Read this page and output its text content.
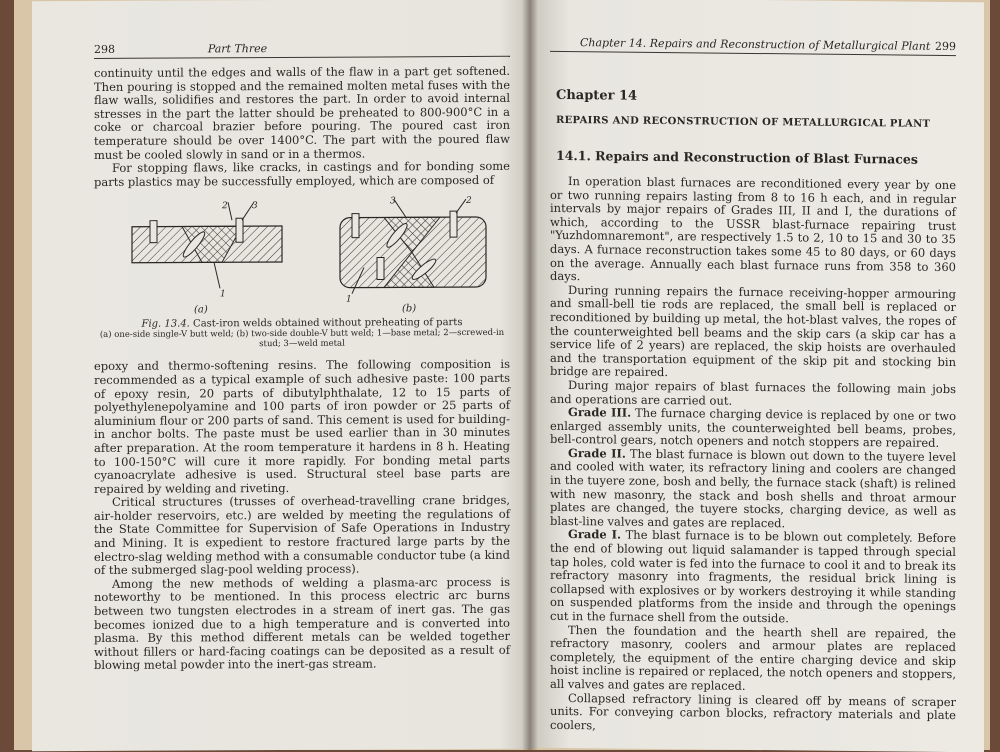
298	Part Three

continuity until the edges and walls of the flaw in a part get softened. Then pouring is stopped and the remained molten metal fuses with the flaw walls, solidifies and restores the part. In order to avoid internal stresses in the part the latter should be preheated to 800-900°C in a coke or charcoal brazier before pouring. The poured cast iron temperature should be over 1400°C. The part with the poured flaw must be cooled slowly in sand or in a thermos.

For stopping flaws, like cracks, in castings and for bonding some parts plastics may be successfully employed, which are composed of

2	3
1
3	2
1
(a)	(b)
Fig. 13.4. Cast-iron welds obtained without preheating of parts
(a) one-side single-V butt weld; (b) two-side double-V butt weld; 1—base metal; 2—screwed-in stud; 3—weld metal

epoxy and thermo-softening resins. The following composition is recommended as a typical example of such adhesive paste: 100 parts of epoxy resin, 20 parts of dibutylphthalate, 12 to 15 parts of polyethylenepolyamine and 100 parts of iron powder or 25 parts of aluminium flour or 200 parts of sand. This cement is used for building-in anchor bolts. The paste must be used earlier than in 30 minutes after preparation. At the room temperature it hardens in 8 h. Heating to 100-150°C will cure it more rapidly. For bonding metal parts cyanoacrylate adhesive is used. Structural steel base parts are repaired by welding and riveting.

Critical structures (trusses of overhead-travelling crane bridges, air-holder reservoirs, etc.) are welded by meeting the regulations of the State Committee for Supervision of Safe Operations in Industry and Mining. It is expedient to restore fractured large parts by the electro-slag welding method with a consumable conductor tube (a kind of the submerged slag-pool welding process).

Among the new methods of welding a plasma-arc process is noteworthy to be mentioned. In this process electric arc burns between two tungsten electrodes in a stream of inert gas. The gas becomes ionized due to a high temperature and is converted into plasma. By this method different metals can be welded together without fillers or hard-facing coatings can be deposited as a result of blowing metal powder into the inert-gas stream.

Chapter 14. Repairs and Reconstruction of Metallurgical Plant 299
Chapter 14
REPAIRS AND RECONSTRUCTION OF METALLURGICAL PLANT
14.1. Repairs and Reconstruction of Blast Furnaces

In operation blast furnaces are reconditioned every year by one or two running repairs lasting from 8 to 16 h each, and in regular intervals by major repairs of Grades III, II and I, the durations of which, according to the USSR blast-furnace repairing trust "Yuzhdomnaremont", are respectively 1.5 to 2, 10 to 15 and 30 to 35 days. A furnace reconstruction takes some 45 to 80 days, or 60 days on the average. Annually each blast furnace runs from 358 to 360 days.

During running repairs the furnace receiving-hopper armouring and small-bell tie rods are replaced, the small bell is replaced or reconditioned by building up metal, the hot-blast valves, the ropes of the counterweighted bell beams and the skip cars (a skip car has a service life of 2 years) are replaced, the skip hoists are overhauled and the transportation equipment of the skip pit and stocking bin bridge are repaired.

During major repairs of blast furnaces the following main jobs and operations are carried out.

Grade III. The furnace charging device is replaced by one or two enlarged assembly units, the counterweighted bell beams, probes, bell-control gears, notch openers and notch stoppers are repaired.

Grade II. The blast furnace is blown out down to the tuyere level and cooled with water, its refractory lining and coolers are changed in the tuyere zone, bosh and belly, the furnace stack (shaft) is relined with new masonry, the stack and bosh shells and throat armour plates are changed, the tuyere stocks, charging device, as well as blast-line valves and gates are replaced.

Grade I. The blast furnace is to be blown out completely. Before the end of blowing out liquid salamander is tapped through special tap holes, cold water is fed into the furnace to cool it and to break its refractory masonry into fragments, the residual brick lining is collapsed with explosives or by workers destroying it while standing on suspended platforms from the inside and through the openings cut in the furnace shell from the outside.

Then the foundation and the hearth shell are repaired, the refractory masonry, coolers and armour plates are replaced completely, the equipment of the entire charging device and skip hoist incline is repaired or replaced, the notch openers and stoppers, all valves and gates are replaced.

Collapsed refractory lining is cleared off by means of scraper units. For conveying carbon blocks, refractory materials and plate coolers,
